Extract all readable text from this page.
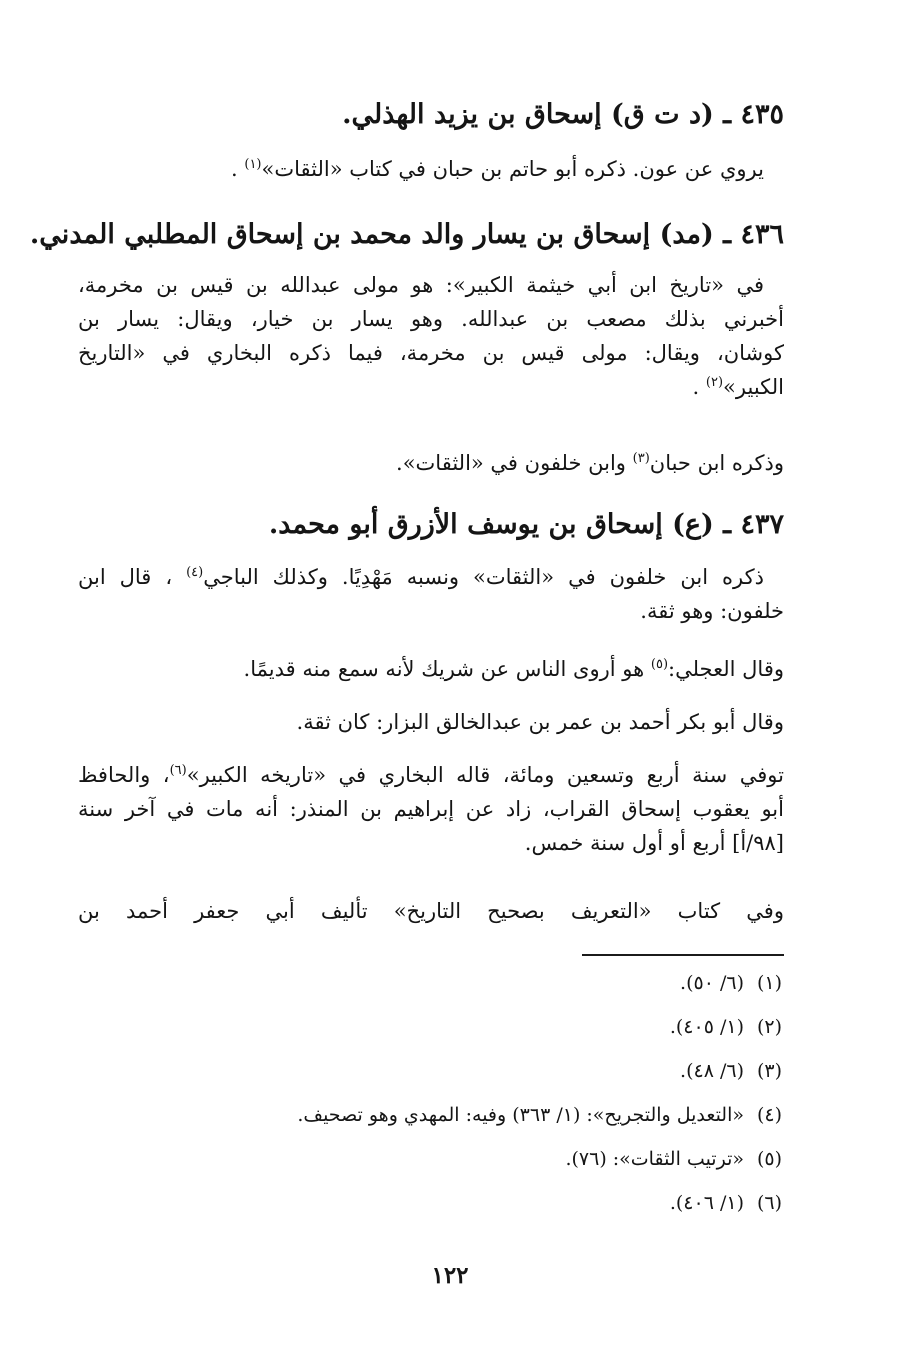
٤٣٥ ـ (د ت ق) إسحاق بن يزيد الهذلي.
يروي عن عون. ذكره أبو حاتم بن حبان في كتاب «الثقات»$^{(١)}$ .
٤٣٦ ـ (مد) إسحاق بن يسار والد محمد بن إسحاق المطلبي المدني.
في «تاريخ ابن أبي خيثمة الكبير»: هو مولى عبدالله بن قيس بن مخرمة،
أخبرني بذلك مصعب بن عبدالله. وهو يسار بن خيار، ويقال: يسار بن
كوشان، ويقال: مولى قيس بن مخرمة، فيما ذكره البخاري في «التاريخ
الكبير»$^{(٢)}$ .
وذكره ابن حبان$^{(٣)}$ وابن خلفون في «الثقات».
٤٣٧ ـ (ع) إسحاق بن يوسف الأزرق أبو محمد.
ذكره ابن خلفون في «الثقات» ونسبه مَهْدِيًا. وكذلك الباجي$^{(٤)}$ ، قال ابن
خلفون: وهو ثقة.
وقال العجلي:$^{(٥)}$ هو أروى الناس عن شريك لأنه سمع منه قديمًا.
وقال أبو بكر أحمد بن عمر بن عبدالخالق البزار: كان ثقة.
توفي سنة أربع وتسعين ومائة، قاله البخاري في «تاريخه الكبير»$^{(٦)}$، والحافظ
أبو يعقوب إسحاق القراب، زاد عن إبراهيم بن المنذر: أنه مات في آخر سنة
[٩٨/أ] أربع أو أول سنة خمس.
وفي كتاب «التعريف بصحيح التاريخ» تأليف أبي جعفر أحمد بن
(١)(٦/ ٥٠).
(٢)(١/ ٤٠٥).
(٣)(٦/ ٤٨).
(٤)«التعديل والتجريح»: (١/ ٣٦٣) وفيه: المهدي وهو تصحيف.
(٥)«ترتيب الثقات»: (٧٦).
(٦)(١/ ٤٠٦).
١٢٢
